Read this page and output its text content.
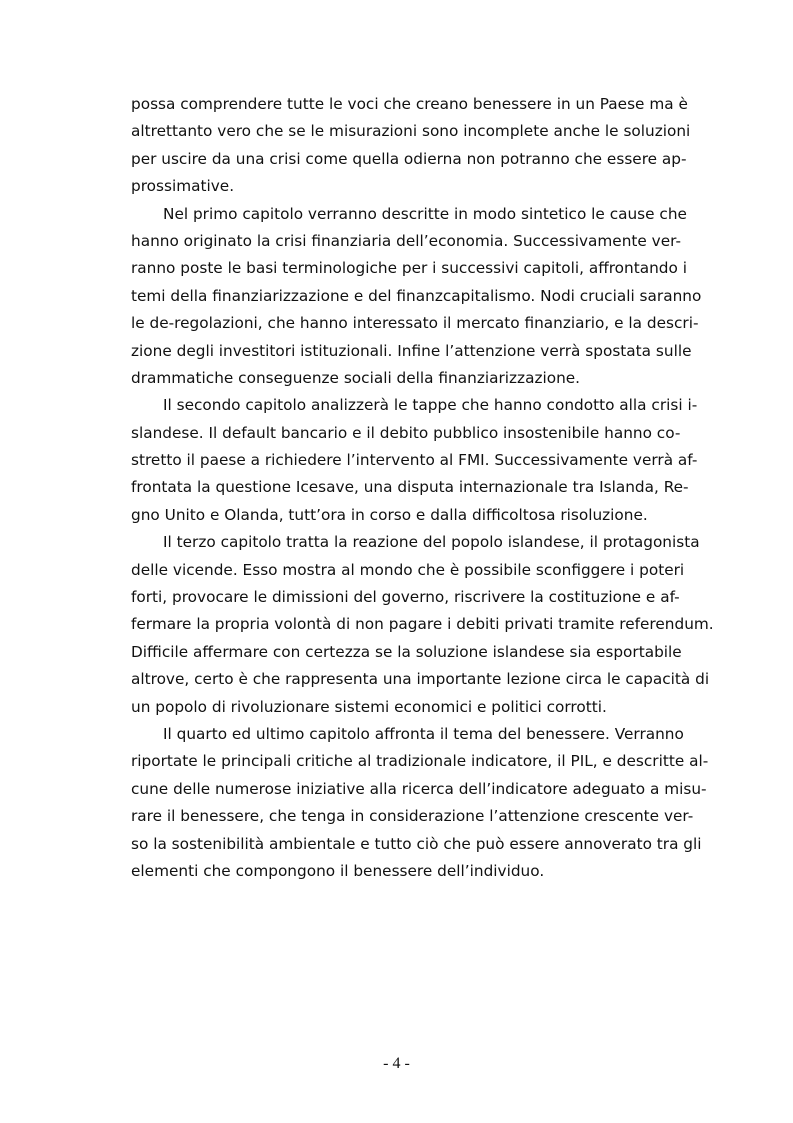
possa comprendere tutte le voci che creano benessere in un Paese ma è
altrettanto vero che se le misurazioni sono incomplete anche le soluzioni
per uscire da una crisi come quella odierna non potranno che essere ap-
prossimative.
Nel primo capitolo verranno descritte in modo sintetico le cause che
hanno originato la crisi finanziaria dell’economia. Successivamente ver-
ranno poste le basi terminologiche per i successivi capitoli, affrontando i
temi della finanziarizzazione e del finanzcapitalismo. Nodi cruciali saranno
le de-regolazioni, che hanno interessato il mercato finanziario, e la descri-
zione degli investitori istituzionali. Infine l’attenzione verrà spostata sulle
drammatiche conseguenze sociali della finanziarizzazione.
Il secondo capitolo analizzerà le tappe che hanno condotto alla crisi i-
slandese. Il default bancario e il debito pubblico insostenibile hanno co-
stretto il paese a richiedere l’intervento al FMI. Successivamente verrà af-
frontata la questione Icesave, una disputa internazionale tra Islanda, Re-
gno Unito e Olanda, tutt’ora in corso e dalla difficoltosa risoluzione.
Il terzo capitolo tratta la reazione del popolo islandese, il protagonista
delle vicende. Esso mostra al mondo che è possibile sconfiggere i poteri
forti, provocare le dimissioni del governo, riscrivere la costituzione e af-
fermare la propria volontà di non pagare i debiti privati tramite referendum.
Difficile affermare con certezza se la soluzione islandese sia esportabile
altrove, certo è che rappresenta una importante lezione circa le capacità di
un popolo di rivoluzionare sistemi economici e politici corrotti.
Il quarto ed ultimo capitolo affronta il tema del benessere. Verranno
riportate le principali critiche al tradizionale indicatore, il PIL, e descritte al-
cune delle numerose iniziative alla ricerca dell’indicatore adeguato a misu-
rare il benessere, che tenga in considerazione l’attenzione crescente ver-
so la sostenibilità ambientale e tutto ciò che può essere annoverato tra gli
elementi che compongono il benessere dell’individuo.
- 4 -
